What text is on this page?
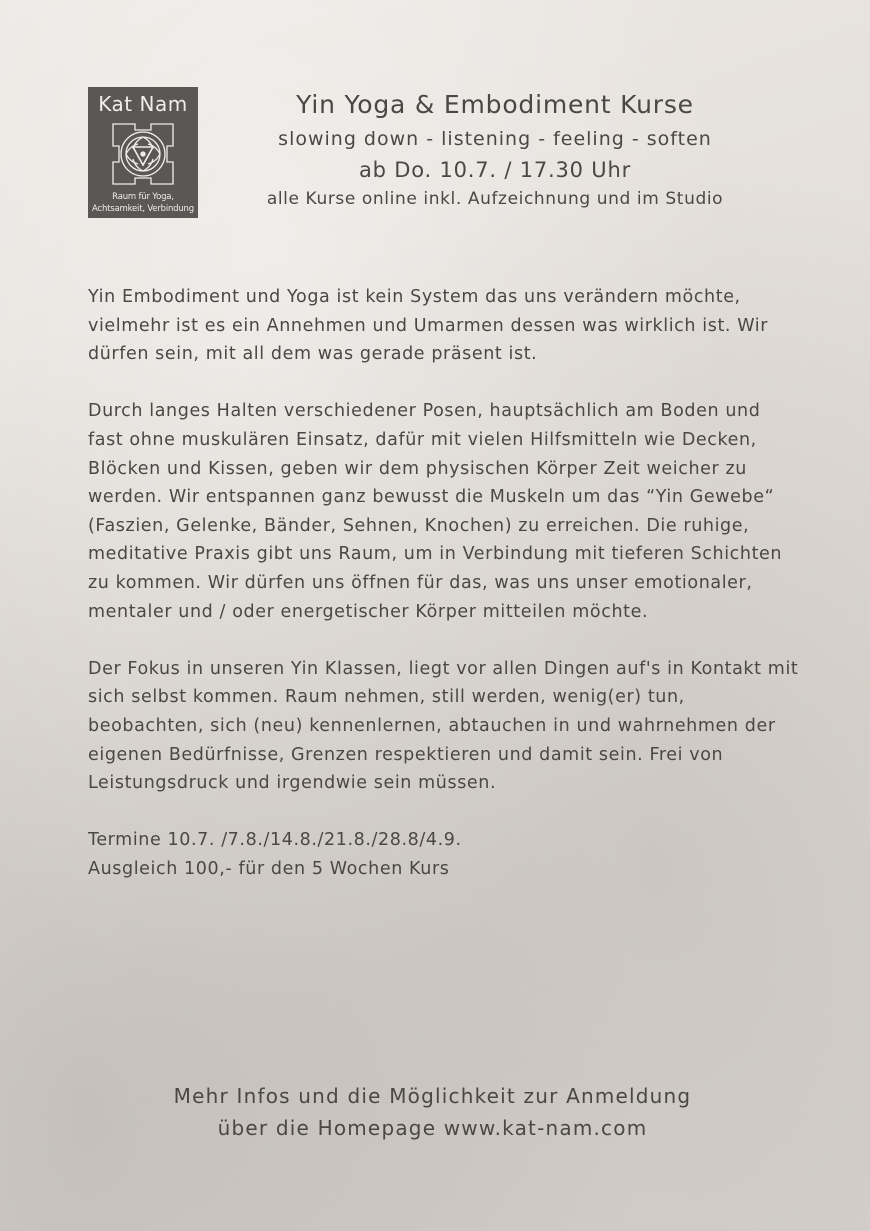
Kat Nam
Raum für Yoga,
Achtsamkeit, Verbindung
Yin Yoga & Embodiment Kurse
slowing down - listening - feeling - soften
ab Do. 10.7. / 17.30 Uhr
alle Kurse online inkl. Aufzeichnung und im Studio

Yin Embodiment und Yoga ist kein System das uns verändern möchte, vielmehr ist es ein Annehmen und Umarmen dessen was wirklich ist. Wir dürfen sein, mit all dem was gerade präsent ist.

Durch langes Halten verschiedener Posen, hauptsächlich am Boden und fast ohne muskulären Einsatz, dafür mit vielen Hilfsmitteln wie Decken, Blöcken und Kissen, geben wir dem physischen Körper Zeit weicher zu werden. Wir entspannen ganz bewusst die Muskeln um das “Yin Gewebe“ (Faszien, Gelenke, Bänder, Sehnen, Knochen) zu erreichen. Die ruhige, meditative Praxis gibt uns Raum, um in Verbindung mit tieferen Schichten zu kommen. Wir dürfen uns öffnen für das, was uns unser emotionaler, mentaler und / oder energetischer Körper mitteilen möchte.

Der Fokus in unseren Yin Klassen, liegt vor allen Dingen auf's in Kontakt mit sich selbst kommen. Raum nehmen, still werden, wenig(er) tun, beobachten, sich (neu) kennenlernen, abtauchen in und wahrnehmen der eigenen Bedürfnisse, Grenzen respektieren und damit sein. Frei von Leistungsdruck und irgendwie sein müssen.

Termine 10.7. /7.8./14.8./21.8./28.8/4.9.
Ausgleich 100,- für den 5 Wochen Kurs
Mehr Infos und die Möglichkeit zur Anmeldung
über die Homepage www.kat-nam.com
